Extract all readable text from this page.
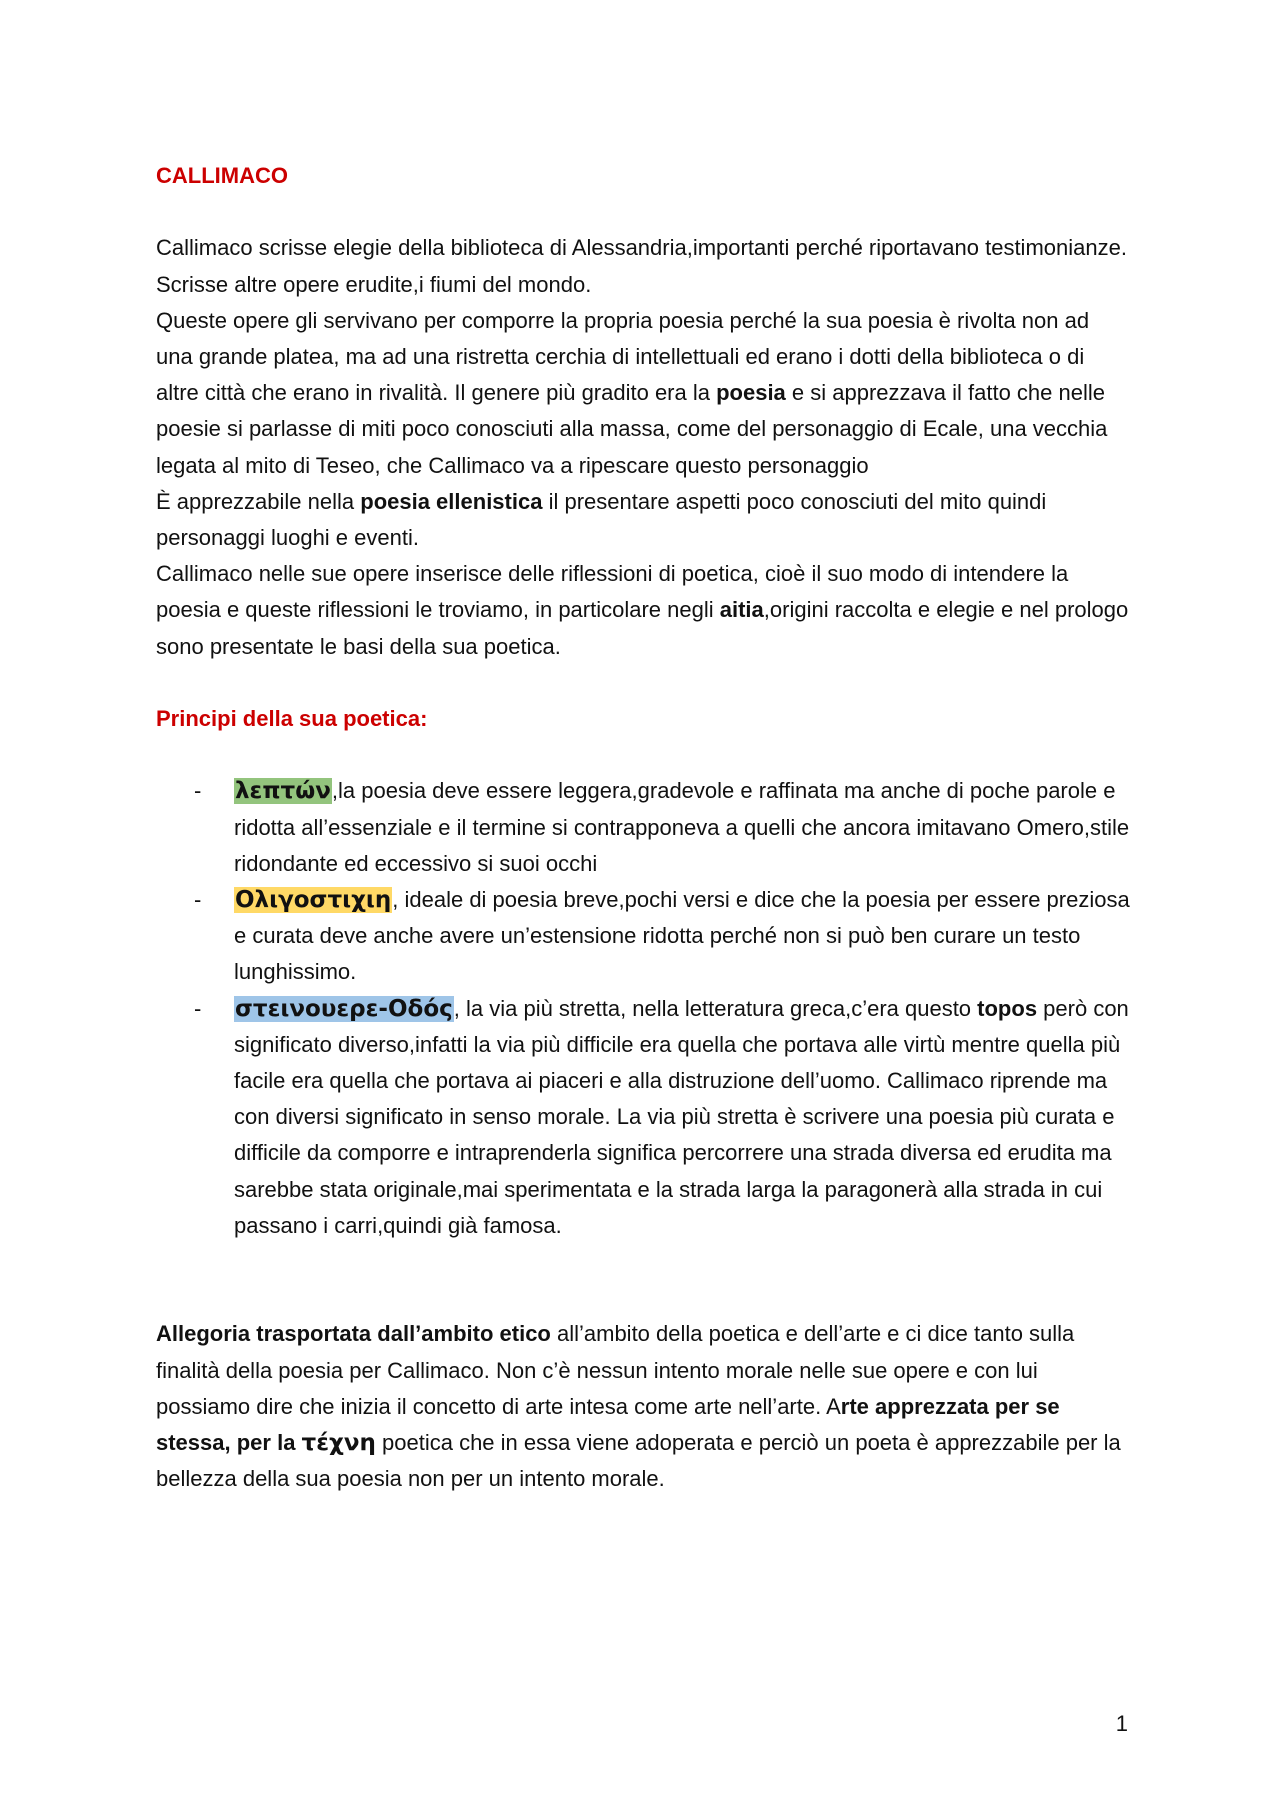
CALLIMACO

Callimaco scrisse elegie della biblioteca di Alessandria,importanti perché riportavano testimonianze.

Scrisse altre opere erudite,i fiumi del mondo.

Queste opere gli servivano per comporre la propria poesia perché la sua poesia è rivolta non ad una grande platea, ma ad una ristretta cerchia di intellettuali ed erano i dotti della biblioteca o di altre città che erano in rivalità. Il genere più gradito era la poesia e si apprezzava il fatto che nelle poesie si parlasse di miti poco conosciuti alla massa, come del personaggio di Ecale, una vecchia legata al mito di Teseo, che Callimaco va a ripescare questo personaggio

È apprezzabile nella poesia ellenistica il presentare aspetti poco conosciuti del mito quindi personaggi luoghi e eventi.

Callimaco nelle sue opere inserisce delle riflessioni di poetica, cioè il suo modo di intendere la poesia e queste riflessioni le troviamo, in particolare negli aitia,origini raccolta e elegie e nel prologo sono presentate le basi della sua poetica.

Principi della sua poetica:
- λεπτών,la poesia deve essere leggera,gradevole e raffinata ma anche di poche parole e ridotta all’essenziale e il termine si contrapponeva a quelli che ancora imitavano Omero,stile ridondante ed eccessivo si suoi occhi
- Ολιγοστιχιη, ideale di poesia breve,pochi versi e dice che la poesia per essere preziosa e curata deve anche avere un’estensione ridotta perché non si può ben curare un testo lunghissimo.
- στεινουερε-Οδός, la via più stretta, nella letteratura greca,c’era questo topos però con significato diverso,infatti la via più difficile era quella che portava alle virtù mentre quella più facile era quella che portava ai piaceri e alla distruzione dell’uomo. Callimaco riprende ma con diversi significato in senso morale. La via più stretta è scrivere una poesia più curata e difficile da comporre e intraprenderla significa percorrere una strada diversa ed erudita ma sarebbe stata originale,mai sperimentata e la strada larga la paragonerà alla strada in cui passano i carri,quindi già famosa.

Allegoria trasportata dall’ambito etico all’ambito della poetica e dell’arte e ci dice tanto sulla finalità della poesia per Callimaco. Non c’è nessun intento morale nelle sue opere e con lui possiamo dire che inizia il concetto di arte intesa come arte nell’arte. Arte apprezzata per se stessa, per la τέχνη poetica che in essa viene adoperata e perciò un poeta è apprezzabile per la bellezza della sua poesia non per un intento morale.

1
